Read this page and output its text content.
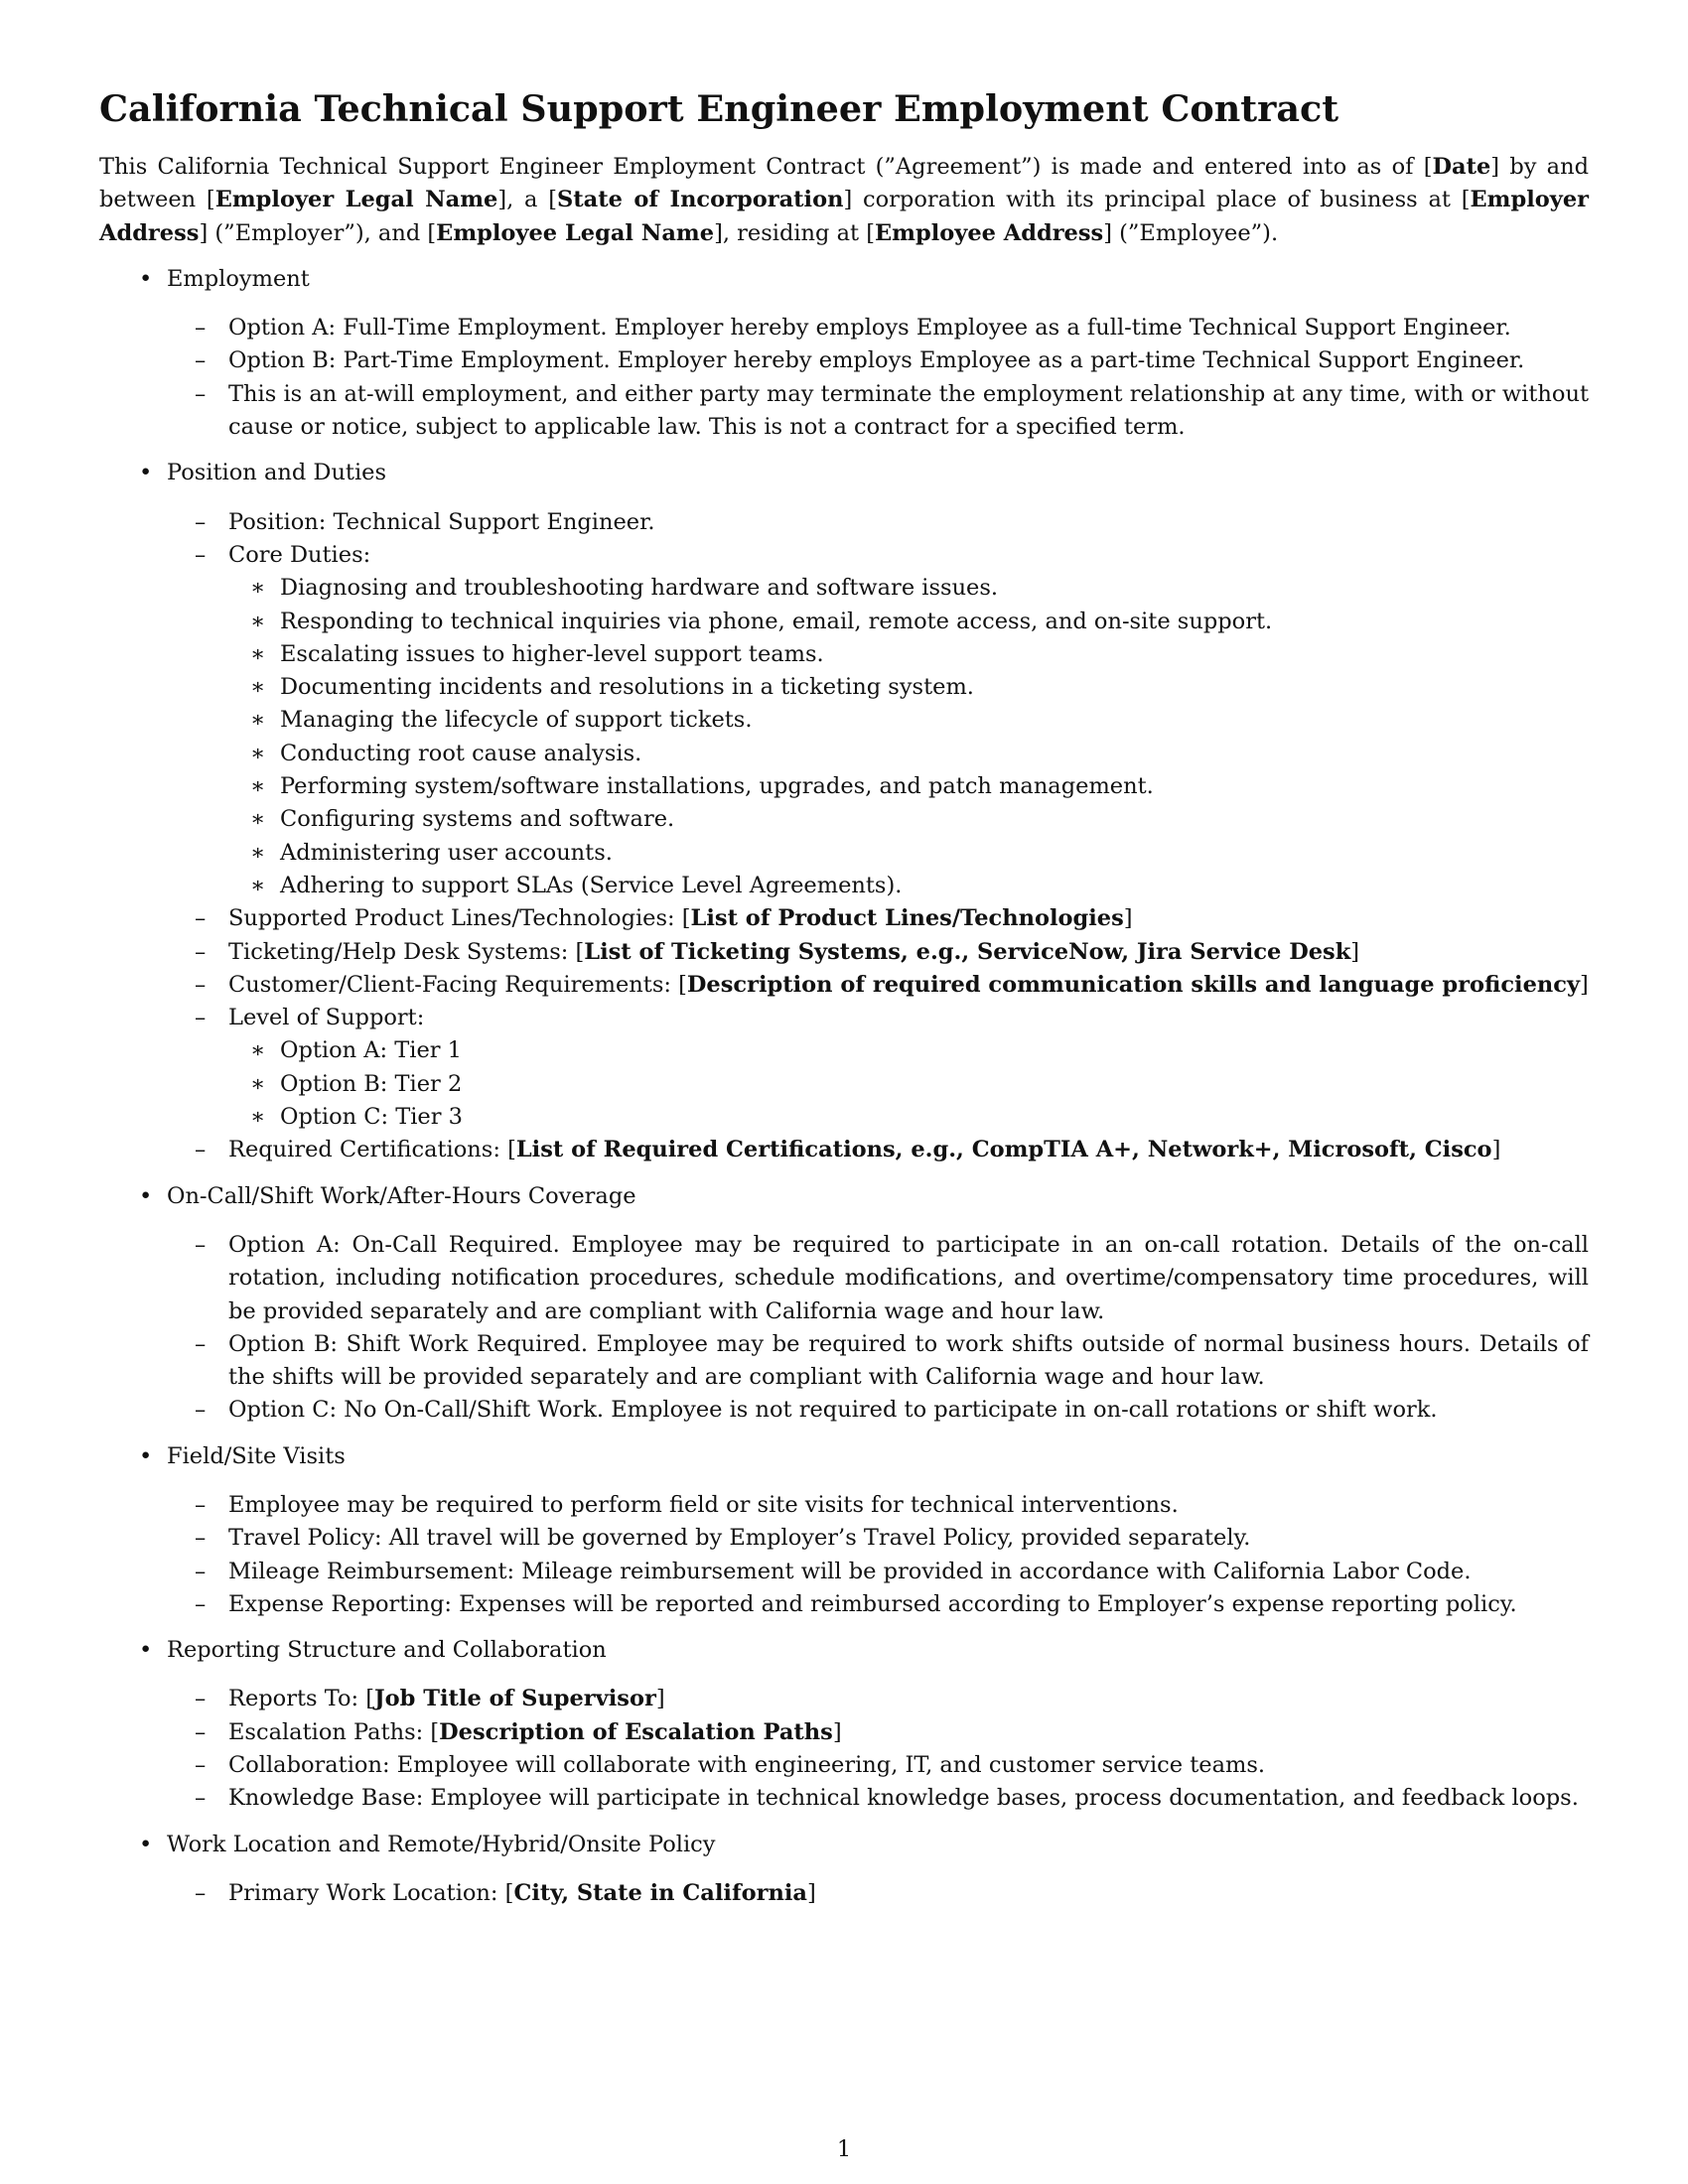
California Technical Support Engineer Employment Contract
This California Technical Support Engineer Employment Contract (”Agreement”) is made and entered into as of [Date] by and between [Employer Legal Name], a [State of Incorporation] corporation with its principal place of business at [Employer Address] (”Employer”), and [Employee Legal Name], residing at [Employee Address] (”Employee”).
• Employment
–	Option A: Full-Time Employment. Employer hereby employs Employee as a full-time Technical Support Engineer.
–	Option B: Part-Time Employment. Employer hereby employs Employee as a part-time Technical Support Engineer.
–	This is an at-will employment, and either party may terminate the employment relationship at any time, with or without cause or notice, subject to applicable law. This is not a contract for a specified term.
• Position and Duties
–	Position: Technical Support Engineer.
–	Core Duties:
∗ Diagnosing and troubleshooting hardware and software issues.
∗ Responding to technical inquiries via phone, email, remote access, and on-site support.
∗ Escalating issues to higher-level support teams.
∗ Documenting incidents and resolutions in a ticketing system.
∗ Managing the lifecycle of support tickets.
∗ Conducting root cause analysis.
∗ Performing system/software installations, upgrades, and patch management.
∗ Configuring systems and software.
∗ Administering user accounts.
∗ Adhering to support SLAs (Service Level Agreements).
–	Supported Product Lines/Technologies: [List of Product Lines/Technologies]
–	Ticketing/Help Desk Systems: [List of Ticketing Systems, e.g., ServiceNow, Jira Service Desk]
–	Customer/Client-Facing Requirements: [Description of required communication skills and language proficiency]
–	Level of Support:
∗ Option A: Tier 1
∗ Option B: Tier 2
∗ Option C: Tier 3
–	Required Certifications: [List of Required Certifications, e.g., CompTIA A+, Network+, Microsoft, Cisco]
• On-Call/Shift Work/After-Hours Coverage
–	Option A: On-Call Required. Employee may be required to participate in an on-call rotation. Details of the on-call rotation, including notification procedures, schedule modifications, and overtime/compensatory time procedures, will be provided separately and are compliant with California wage and hour law.
–	Option B: Shift Work Required. Employee may be required to work shifts outside of normal business hours. Details of the shifts will be provided separately and are compliant with California wage and hour law.
–	Option C: No On-Call/Shift Work. Employee is not required to participate in on-call rotations or shift work.
• Field/Site Visits
–	Employee may be required to perform field or site visits for technical interventions.
–	Travel Policy: All travel will be governed by Employer’s Travel Policy, provided separately.
–	Mileage Reimbursement: Mileage reimbursement will be provided in accordance with California Labor Code.
–	Expense Reporting: Expenses will be reported and reimbursed according to Employer’s expense reporting policy.
• Reporting Structure and Collaboration
–	Reports To: [Job Title of Supervisor]
–	Escalation Paths: [Description of Escalation Paths]
–	Collaboration: Employee will collaborate with engineering, IT, and customer service teams.
–	Knowledge Base: Employee will participate in technical knowledge bases, process documentation, and feedback loops.
• Work Location and Remote/Hybrid/Onsite Policy
–	Primary Work Location: [City, State in California]
1
